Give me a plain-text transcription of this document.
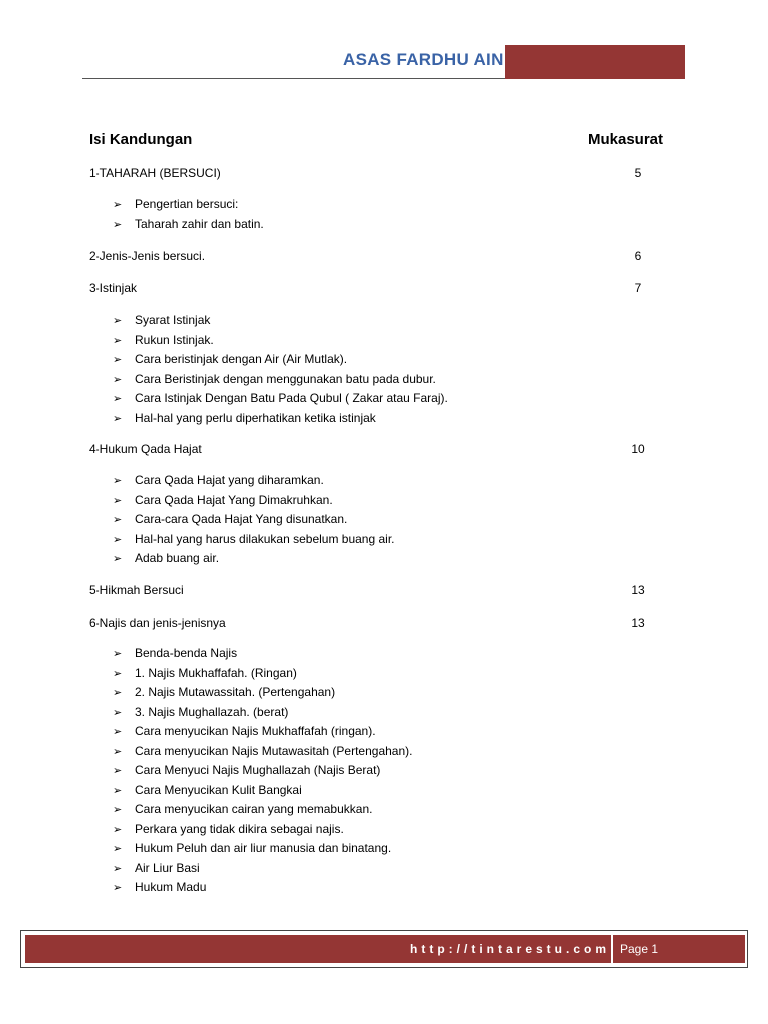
ASAS FARDHU AIN
Isi Kandungan	Mukasurat
1-TAHARAH (BERSUCI)	5
➢ Pengertian bersuci:
➢ Taharah zahir dan batin.
2-Jenis-Jenis bersuci.	6
3-Istinjak	7
➢ Syarat Istinjak
➢ Rukun Istinjak.
➢ Cara beristinjak dengan Air (Air Mutlak).
➢ Cara Beristinjak dengan menggunakan batu pada dubur.
➢ Cara Istinjak Dengan Batu Pada Qubul ( Zakar atau Faraj).
➢ Hal-hal yang perlu diperhatikan ketika istinjak
4-Hukum Qada Hajat	10
➢ Cara Qada Hajat yang diharamkan.
➢ Cara Qada Hajat Yang Dimakruhkan.
➢ Cara-cara Qada Hajat Yang disunatkan.
➢ Hal-hal yang harus dilakukan sebelum buang air.
➢ Adab buang air.
5-Hikmah Bersuci	13
6-Najis dan jenis-jenisnya	13
➢ Benda-benda Najis
➢ 1. Najis Mukhaffafah. (Ringan)
➢ 2. Najis Mutawassitah. (Pertengahan)
➢ 3. Najis Mughallazah. (berat)
➢ Cara menyucikan Najis Mukhaffafah (ringan).
➢ Cara menyucikan Najis Mutawasitah (Pertengahan).
➢ Cara Menyuci Najis Mughallazah (Najis Berat)
➢ Cara Menyucikan Kulit Bangkai
➢ Cara menyucikan cairan yang memabukkan.
➢ Perkara yang tidak dikira sebagai najis.
➢ Hukum Peluh dan air liur manusia dan binatang.
➢ Air Liur Basi
➢ Hukum Madu
http://tintarestu.com Page 1
